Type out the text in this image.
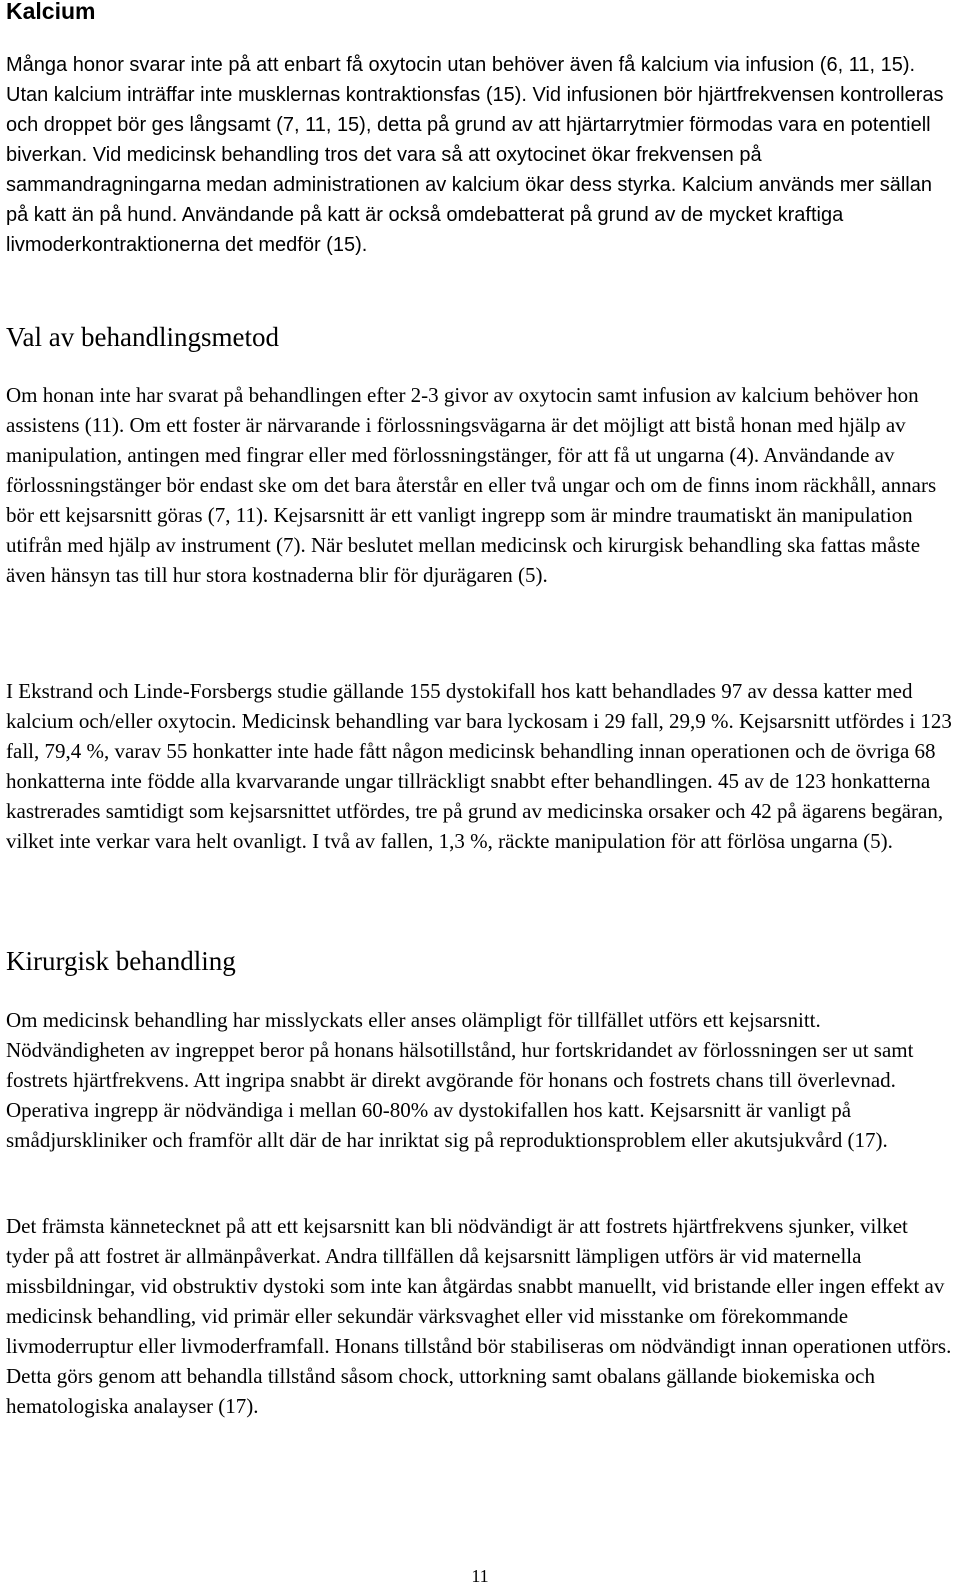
Kalcium

Många honor svarar inte på att enbart få oxytocin utan behöver även få kalcium via infusion (6, 11, 15). Utan kalcium inträffar inte musklernas kontraktionsfas (15). Vid infusionen bör hjärtfrekvensen kontrolleras och droppet bör ges långsamt (7, 11, 15), detta på grund av att hjärtarrytmier förmodas vara en potentiell biverkan. Vid medicinsk behandling tros det vara så att oxytocinet ökar frekvensen på sammandragningarna medan administrationen av kalcium ökar dess styrka. Kalcium används mer sällan på katt än på hund. Användande på katt är också omdebatterat på grund av de mycket kraftiga livmoderkontraktionerna det medför (15).

Val av behandlingsmetod

Om honan inte har svarat på behandlingen efter 2-3 givor av oxytocin samt infusion av kalcium behöver hon assistens (11). Om ett foster är närvarande i förlossningsvägarna är det möjligt att bistå honan med hjälp av manipulation, antingen med fingrar eller med förlossningstänger, för att få ut ungarna (4). Användande av förlossningstänger bör endast ske om det bara återstår en eller två ungar och om de finns inom räckhåll, annars bör ett kejsarsnitt göras (7, 11). Kejsarsnitt är ett vanligt ingrepp som är mindre traumatiskt än manipulation utifrån med hjälp av instrument (7). När beslutet mellan medicinsk och kirurgisk behandling ska fattas måste även hänsyn tas till hur stora kostnaderna blir för djurägaren (5).

I Ekstrand och Linde-Forsbergs studie gällande 155 dystokifall hos katt behandlades 97 av dessa katter med kalcium och/eller oxytocin. Medicinsk behandling var bara lyckosam i 29 fall, 29,9 %. Kejsarsnitt utfördes i 123 fall, 79,4 %, varav 55 honkatter inte hade fått någon medicinsk behandling innan operationen och de övriga 68 honkatterna inte födde alla kvarvarande ungar tillräckligt snabbt efter behandlingen. 45 av de 123 honkatterna kastrerades samtidigt som kejsarsnittet utfördes, tre på grund av medicinska orsaker och 42 på ägarens begäran, vilket inte verkar vara helt ovanligt. I två av fallen, 1,3 %, räckte manipulation för att förlösa ungarna (5).

Kirurgisk behandling

Om medicinsk behandling har misslyckats eller anses olämpligt för tillfället utförs ett kejsarsnitt. Nödvändigheten av ingreppet beror på honans hälsotillstånd, hur fortskridandet av förlossningen ser ut samt fostrets hjärtfrekvens. Att ingripa snabbt är direkt avgörande för honans och fostrets chans till överlevnad. Operativa ingrepp är nödvändiga i mellan 60-80% av dystokifallen hos katt. Kejsarsnitt är vanligt på smådjurskliniker och framför allt där de har inriktat sig på reproduktionsproblem eller akutsjukvård (17).

Det främsta kännetecknet på att ett kejsarsnitt kan bli nödvändigt är att fostrets hjärtfrekvens sjunker, vilket tyder på att fostret är allmänpåverkat. Andra tillfällen då kejsarsnitt lämpligen utförs är vid maternella missbildningar, vid obstruktiv dystoki som inte kan åtgärdas snabbt manuellt, vid bristande eller ingen effekt av medicinsk behandling, vid primär eller sekundär värksvaghet eller vid misstanke om förekommande livmoderruptur eller livmoderframfall. Honans tillstånd bör stabiliseras om nödvändigt innan operationen utförs. Detta görs genom att behandla tillstånd såsom chock, uttorkning samt obalans gällande biokemiska och hematologiska analayser (17).

11
